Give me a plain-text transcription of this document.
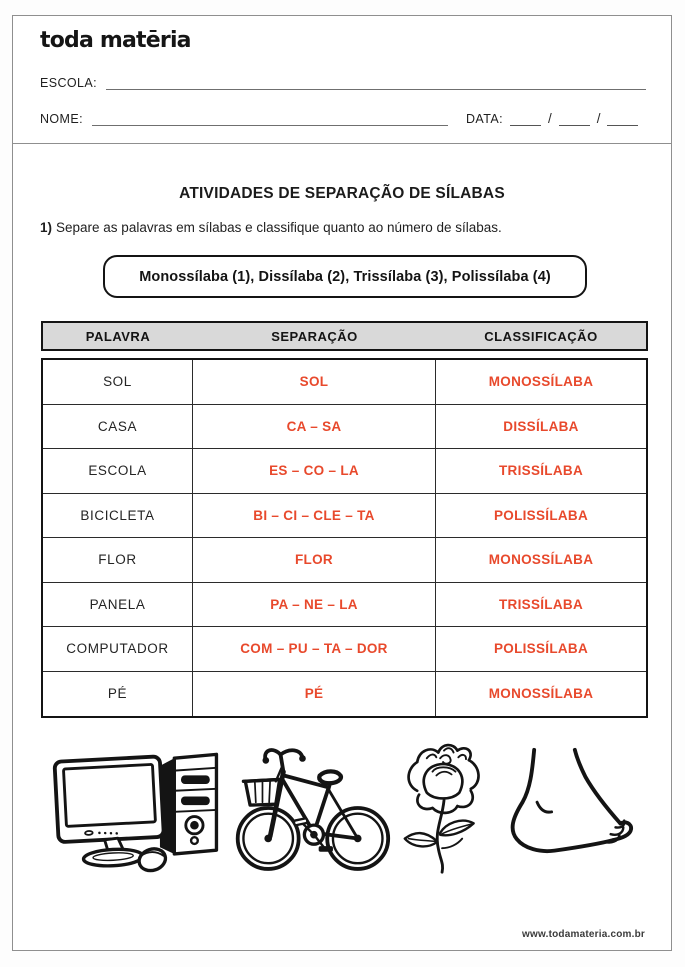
toda matēria
ESCOLA:
NOME:	DATA:	/	/
ATIVIDADES DE SEPARAÇÃO DE SÍLABAS
1) Separe as palavras em sílabas e classifique quanto ao número de sílabas.
Monossílaba (1), Dissílaba (2), Trissílaba (3), Polissílaba (4)
PALAVRA	SEPARAÇÃO	CLASSIFICAÇÃO
SOL	SOL	MONOSSÍLABA
CASA	CA – SA	DISSÍLABA
ESCOLA	ES – CO – LA	TRISSÍLABA
BICICLETA	BI – CI – CLE – TA	POLISSÍLABA
FLOR	FLOR	MONOSSÍLABA
PANELA	PA – NE – LA	TRISSÍLABA
COMPUTADOR	COM – PU – TA – DOR	POLISSÍLABA
PÉ	PÉ	MONOSSÍLABA
www.todamateria.com.br
